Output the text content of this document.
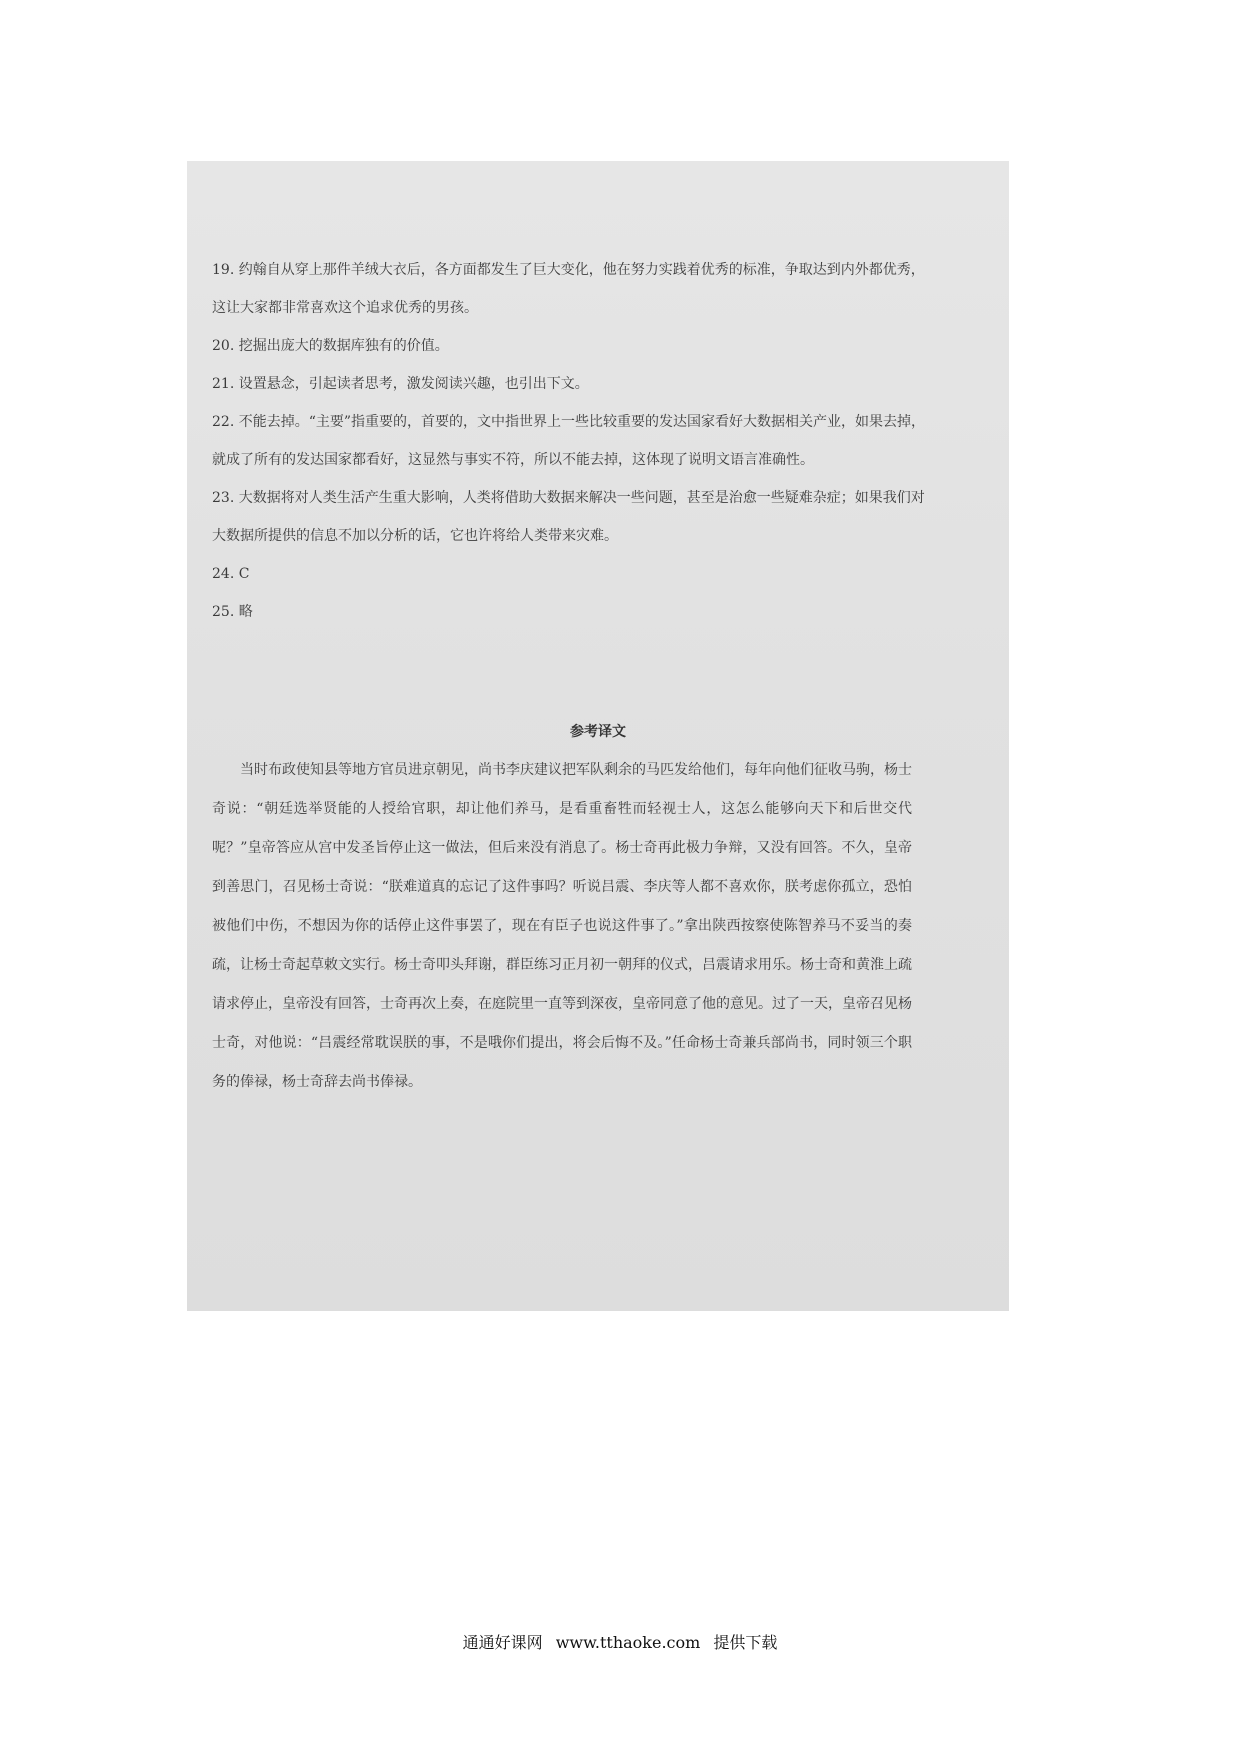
19. 约翰自从穿上那件羊绒大衣后，各方面都发生了巨大变化，他在努力实践着优秀的标准，争取达到内外都优秀，这让大家都非常喜欢这个追求优秀的男孩。

20. 挖掘出庞大的数据库独有的价值。

21. 设置悬念，引起读者思考，激发阅读兴趣，也引出下文。

22. 不能去掉。“主要”指重要的，首要的，文中指世界上一些比较重要的发达国家看好大数据相关产业，如果去掉，就成了所有的发达国家都看好，这显然与事实不符，所以不能去掉，这体现了说明文语言准确性。

23. 大数据将对人类生活产生重大影响，人类将借助大数据来解决一些问题，甚至是治愈一些疑难杂症；如果我们对大数据所提供的信息不加以分析的话，它也许将给人类带来灾难。

24. C

25. 略

参考译文

当时布政使知县等地方官员进京朝见，尚书李庆建议把军队剩余的马匹发给他们，每年向他们征收马驹，杨士奇说：“朝廷选举贤能的人授给官职，却让他们养马，是看重畜牲而轻视士人，这怎么能够向天下和后世交代呢？”皇帝答应从宫中发圣旨停止这一做法，但后来没有消息了。杨士奇再此极力争辩，又没有回答。不久，皇帝到善思门，召见杨士奇说：“朕难道真的忘记了这件事吗？听说吕震、李庆等人都不喜欢你，朕考虑你孤立，恐怕被他们中伤，不想因为你的话停止这件事罢了，现在有臣子也说这件事了。”拿出陕西按察使陈智养马不妥当的奏疏，让杨士奇起草敕文实行。杨士奇叩头拜谢，群臣练习正月初一朝拜的仪式，吕震请求用乐。杨士奇和黄淮上疏请求停止，皇帝没有回答，士奇再次上奏，在庭院里一直等到深夜，皇帝同意了他的意见。过了一天，皇帝召见杨士奇，对他说：“吕震经常耽误朕的事，不是哦你们提出，将会后悔不及。”任命杨士奇兼兵部尚书，同时领三个职务的俸禄，杨士奇辞去尚书俸禄。

通通好课网 www.tthaoke.com 提供下载
